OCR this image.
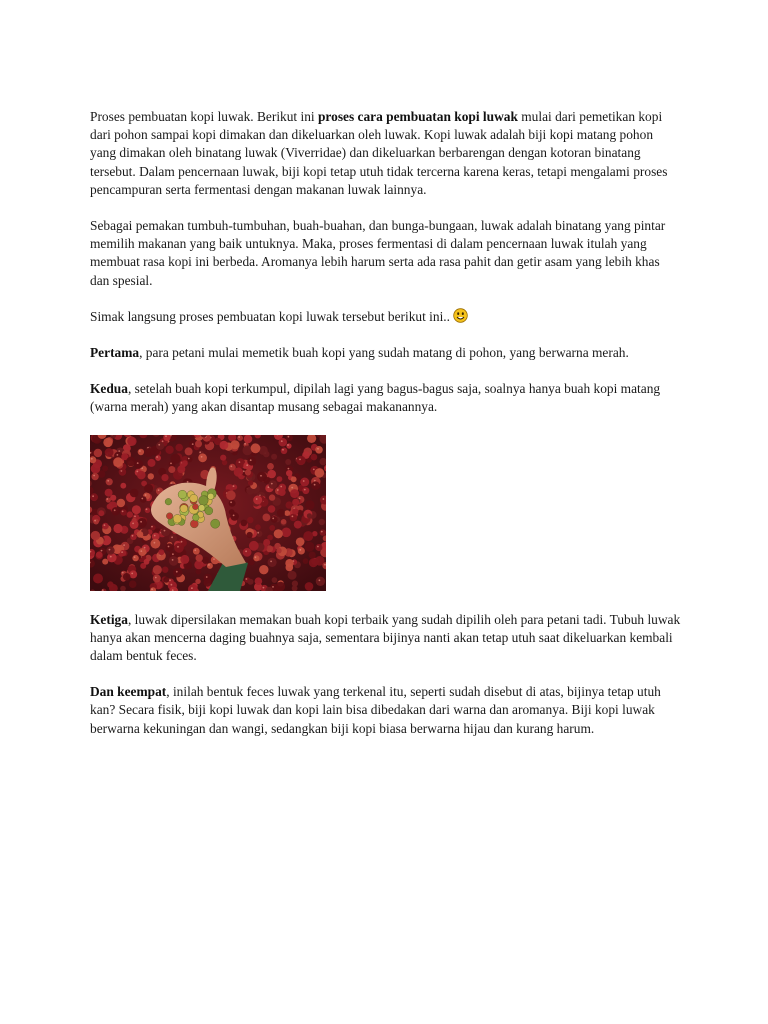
Proses pembuatan kopi luwak. Berikut ini proses cara pembuatan kopi luwak mulai dari pemetikan kopi dari pohon sampai kopi dimakan dan dikeluarkan oleh luwak. Kopi luwak adalah biji kopi matang pohon yang dimakan oleh binatang luwak (Viverridae) dan dikeluarkan berbarengan dengan kotoran binatang tersebut. Dalam pencernaan luwak, biji kopi tetap utuh tidak tercerna karena keras, tetapi mengalami proses pencampuran serta fermentasi dengan makanan luwak lainnya.

Sebagai pemakan tumbuh-tumbuhan, buah-buahan, dan bunga-bungaan, luwak adalah binatang yang pintar memilih makanan yang baik untuknya. Maka, proses fermentasi di dalam pencernaan luwak itulah yang membuat rasa kopi ini berbeda. Aromanya lebih harum serta ada rasa pahit dan getir asam yang lebih khas dan spesial.

Simak langsung proses pembuatan kopi luwak tersebut berikut ini..

Pertama, para petani mulai memetik buah kopi yang sudah matang di pohon, yang berwarna merah.

Kedua, setelah buah kopi terkumpul, dipilah lagi yang bagus-bagus saja, soalnya hanya buah kopi matang (warna merah) yang akan disantap musang sebagai makanannya.

Ketiga, luwak dipersilakan memakan buah kopi terbaik yang sudah dipilih oleh para petani tadi. Tubuh luwak hanya akan mencerna daging buahnya saja, sementara bijinya nanti akan tetap utuh saat dikeluarkan kembali dalam bentuk feces.

Dan keempat, inilah bentuk feces luwak yang terkenal itu, seperti sudah disebut di atas, bijinya tetap utuh kan? Secara fisik, biji kopi luwak dan kopi lain bisa dibedakan dari warna dan aromanya. Biji kopi luwak berwarna kekuningan dan wangi, sedangkan biji kopi biasa berwarna hijau dan kurang harum.
